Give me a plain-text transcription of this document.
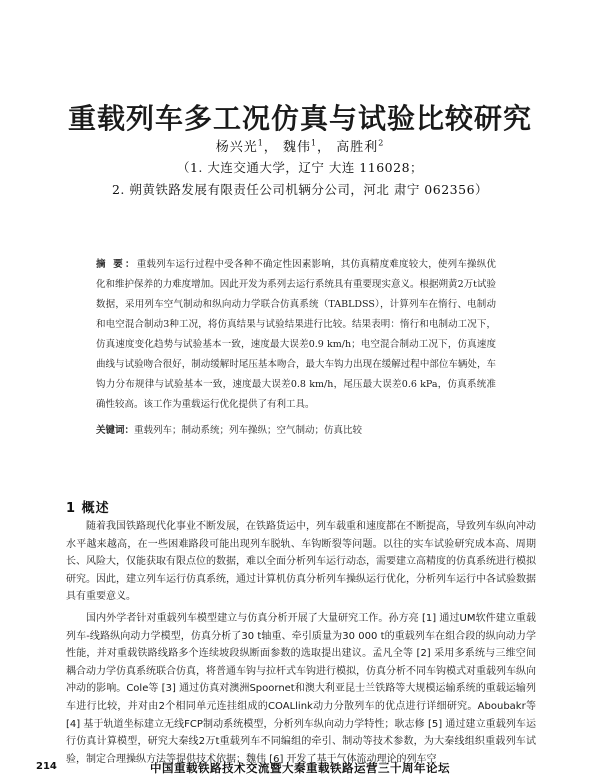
重载列车多工况仿真与试验比较研究
杨兴光$^1$， 魏伟$^1$， 高胜利$^2$
（1. 大连交通大学，辽宁 大连 116028；
2. 朔黄铁路发展有限责任公司机辆分公司，河北 肃宁 062356）
摘 要：重载列车运行过程中受各种不确定性因素影响，其仿真精度难度较大，使列车操纵优化和维护保养的力难度增加。因此开发为系列去运行系统具有重要现实意义。根据朔黄2万t试验数据，采用列车空气制动和纵向动力学联合仿真系统（TABLDSS），计算列车在惰行、电制动和电空混合制动3种工况，将仿真结果与试验结果进行比较。结果表明：惰行和电制动工况下，仿真速度变化趋势与试验基本一致，速度最大误差0.9 km/h；电空混合制动工况下，仿真速度曲线与试验吻合很好，制动缓解时尾压基本吻合，最大车钩力出现在缓解过程中部位车辆处，车钩力分布规律与试验基本一致，速度最大误差0.8 km/h，尾压最大误差0.6 kPa，仿真系统准确性较高。该工作为重载运行优化提供了有利工具。
关键词：重载列车；制动系统；列车操纵；空气制动；仿真比较
1 概述

随着我国铁路现代化事业不断发展，在铁路货运中，列车载重和速度都在不断提高，导致列车纵向冲动水平越来越高，在一些困难路段可能出现列车脱轨、车钩断裂等问题。以往的实车试验研究成本高、周期长、风险大，仅能获取有限点位的数据，难以全面分析列车运行动态，需要建立高精度的仿真系统进行模拟研究。因此，建立列车运行仿真系统，通过计算机仿真分析列车操纵运行优化，分析列车运行中各试验数据具有重要意义。

国内外学者针对重载列车模型建立与仿真分析开展了大量研究工作。孙方亮 [1] 通过UM软件建立重载列车-线路纵向动力学模型，仿真分析了30 t轴重、牵引质量为30 000 t的重载列车在组合段的纵向动力学性能，并对重载铁路线路多个连续坡段纵断面参数的选取提出建议。孟凡全等 [2] 采用多系统与三维空间耦合动力学仿真系统联合仿真，将普通车钩与拉杆式车钩进行模拟，仿真分析不同车钩模式对重载列车纵向冲动的影响。Cole等 [3] 通过仿真对澳洲Spoornet和澳大利亚昆士兰铁路等大规模运输系统的重载运输列车进行比较，并对由2个相同单元连挂组成的COALlink动力分散列车的优点进行详细研究。Aboubakr等 [4] 基于轨道坐标建立无线FCP制动系统模型，分析列车纵向动力学特性；耿志修 [5] 通过建立重载列车运行仿真计算模型，研究大秦线2万t重载列车不同编组的牵引、制动等技术参数，为大秦线组织重载列车试验，制定合理操纵方法等提供技术依据；魏伟 [6] 开发了基于气体流动理论的列车空

214	中国重载铁路技术交流暨大秦重载铁路运营三十周年论坛
